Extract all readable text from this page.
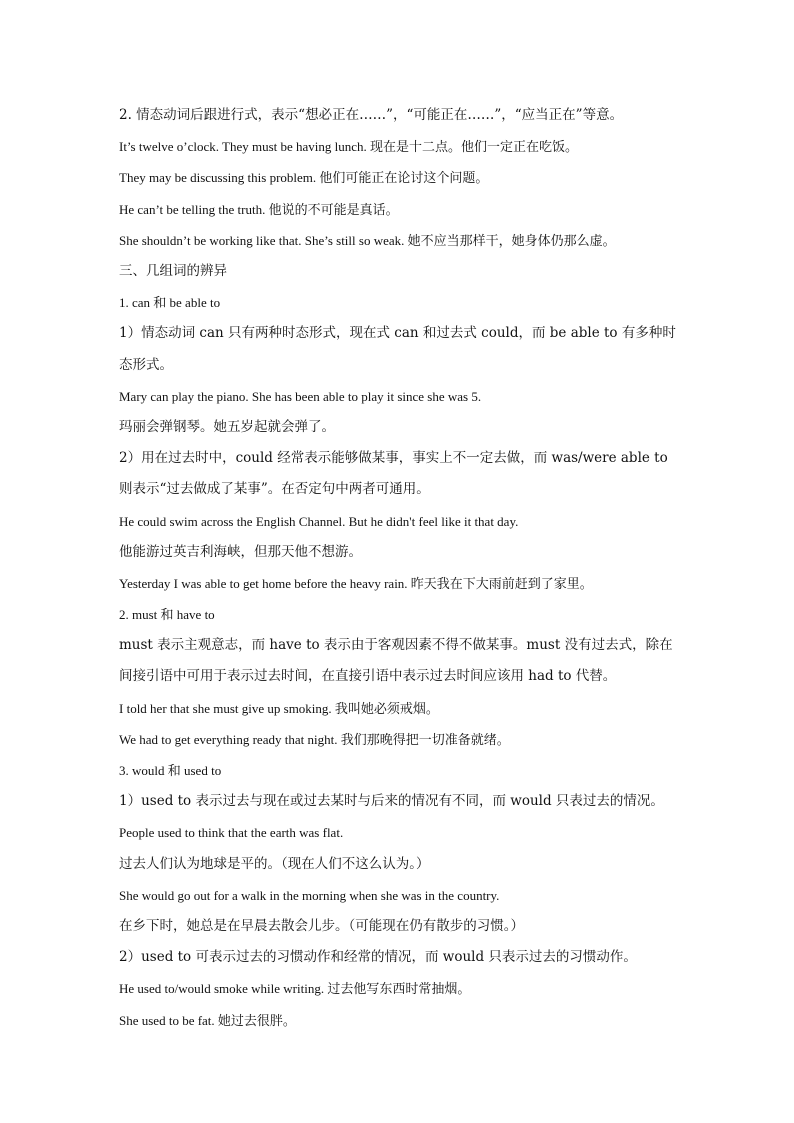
2. 情态动词后跟进行式，表示“想必正在……”，“可能正在……”，“应当正在”等意。
It’s twelve o’clock. They must be having lunch. 现在是十二点。他们一定正在吃饭。
They may be discussing this problem. 他们可能正在论讨这个问题。
He can’t be telling the truth. 他说的不可能是真话。
She shouldn’t be working like that. She’s still so weak. 她不应当那样干，她身体仍那么虚。
三、几组词的辨异
1. can 和 be able to
1）情态动词 can 只有两种时态形式，现在式 can 和过去式 could，而 be able to 有多种时态形式。
Mary can play the piano. She has been able to play it since she was 5.
玛丽会弹钢琴。她五岁起就会弹了。
2）用在过去时中，could 经常表示能够做某事，事实上不一定去做，而 was/were able to 则表示“过去做成了某事”。在否定句中两者可通用。
He could swim across the English Channel. But he didn't feel like it that day.
他能游过英吉利海峡，但那天他不想游。
Yesterday I was able to get home before the heavy rain. 昨天我在下大雨前赶到了家里。
2. must 和 have to
must 表示主观意志，而 have to 表示由于客观因素不得不做某事。must 没有过去式，除在间接引语中可用于表示过去时间，在直接引语中表示过去时间应该用 had to 代替。
I told her that she must give up smoking. 我叫她必须戒烟。
We had to get everything ready that night. 我们那晚得把一切准备就绪。
3. would 和 used to
1）used to 表示过去与现在或过去某时与后来的情况有不同，而 would 只表过去的情况。
People used to think that the earth was flat.
过去人们认为地球是平的。（现在人们不这么认为。）
She would go out for a walk in the morning when she was in the country.
在乡下时，她总是在早晨去散会儿步。（可能现在仍有散步的习惯。）
2）used to 可表示过去的习惯动作和经常的情况，而 would 只表示过去的习惯动作。
He used to/would smoke while writing. 过去他写东西时常抽烟。
She used to be fat. 她过去很胖。
